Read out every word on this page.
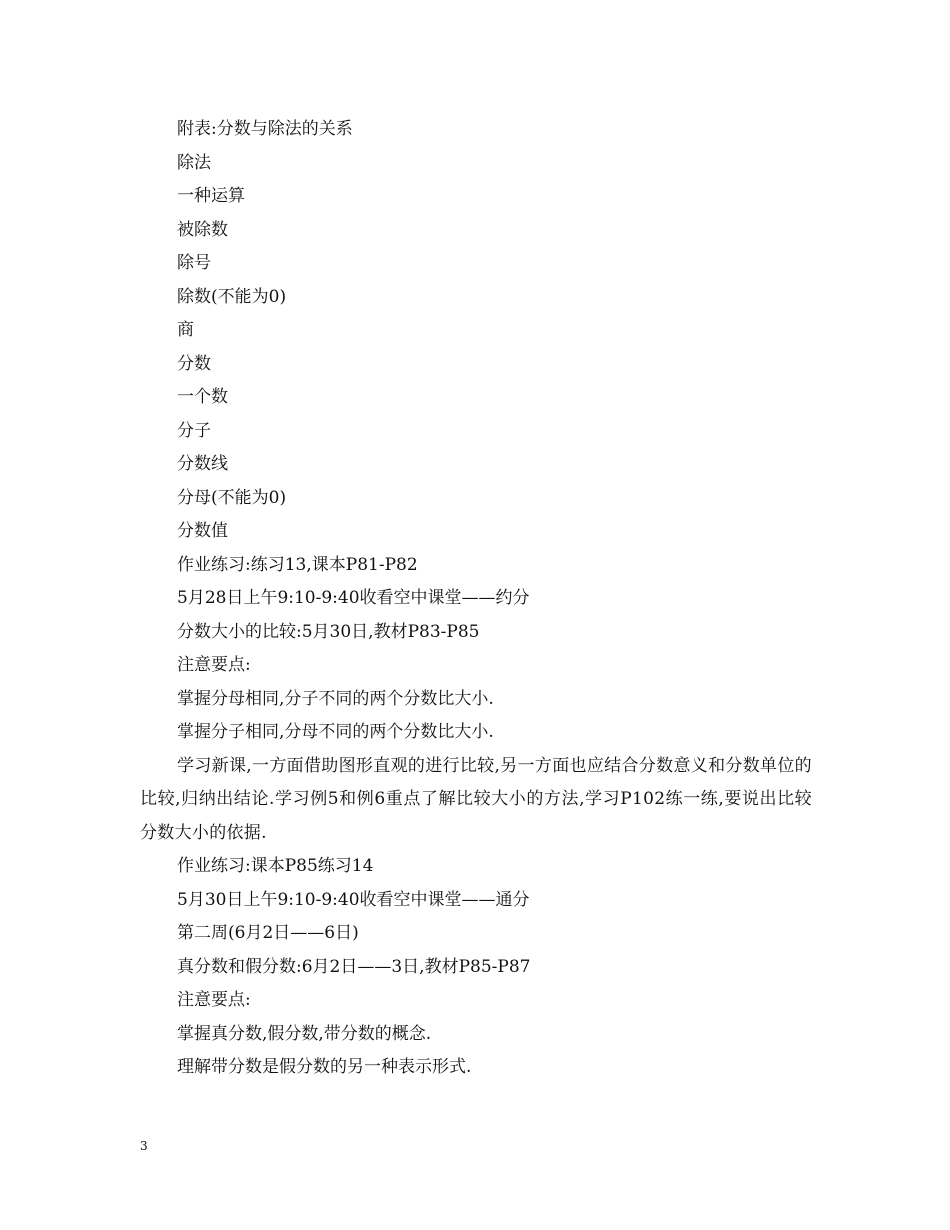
附表:分数与除法的关系
除法
一种运算
被除数
除号
除数(不能为0)
商
分数
一个数
分子
分数线
分母(不能为0)
分数值
作业练习:练习13,课本P81-P82
5月28日上午9:10-9:40收看空中课堂——约分
分数大小的比较:5月30日,教材P83-P85
注意要点:
掌握分母相同,分子不同的两个分数比大小.
掌握分子相同,分母不同的两个分数比大小.
学习新课,一方面借助图形直观的进行比较,另一方面也应结合分数意义和分数单位的比较,归纳出结论.学习例5和例6重点了解比较大小的方法,学习P102练一练,要说出比较分数大小的依据.
作业练习:课本P85练习14
5月30日上午9:10-9:40收看空中课堂——通分
第二周(6月2日——6日)
真分数和假分数:6月2日——3日,教材P85-P87
注意要点:
掌握真分数,假分数,带分数的概念.
理解带分数是假分数的另一种表示形式.
3
